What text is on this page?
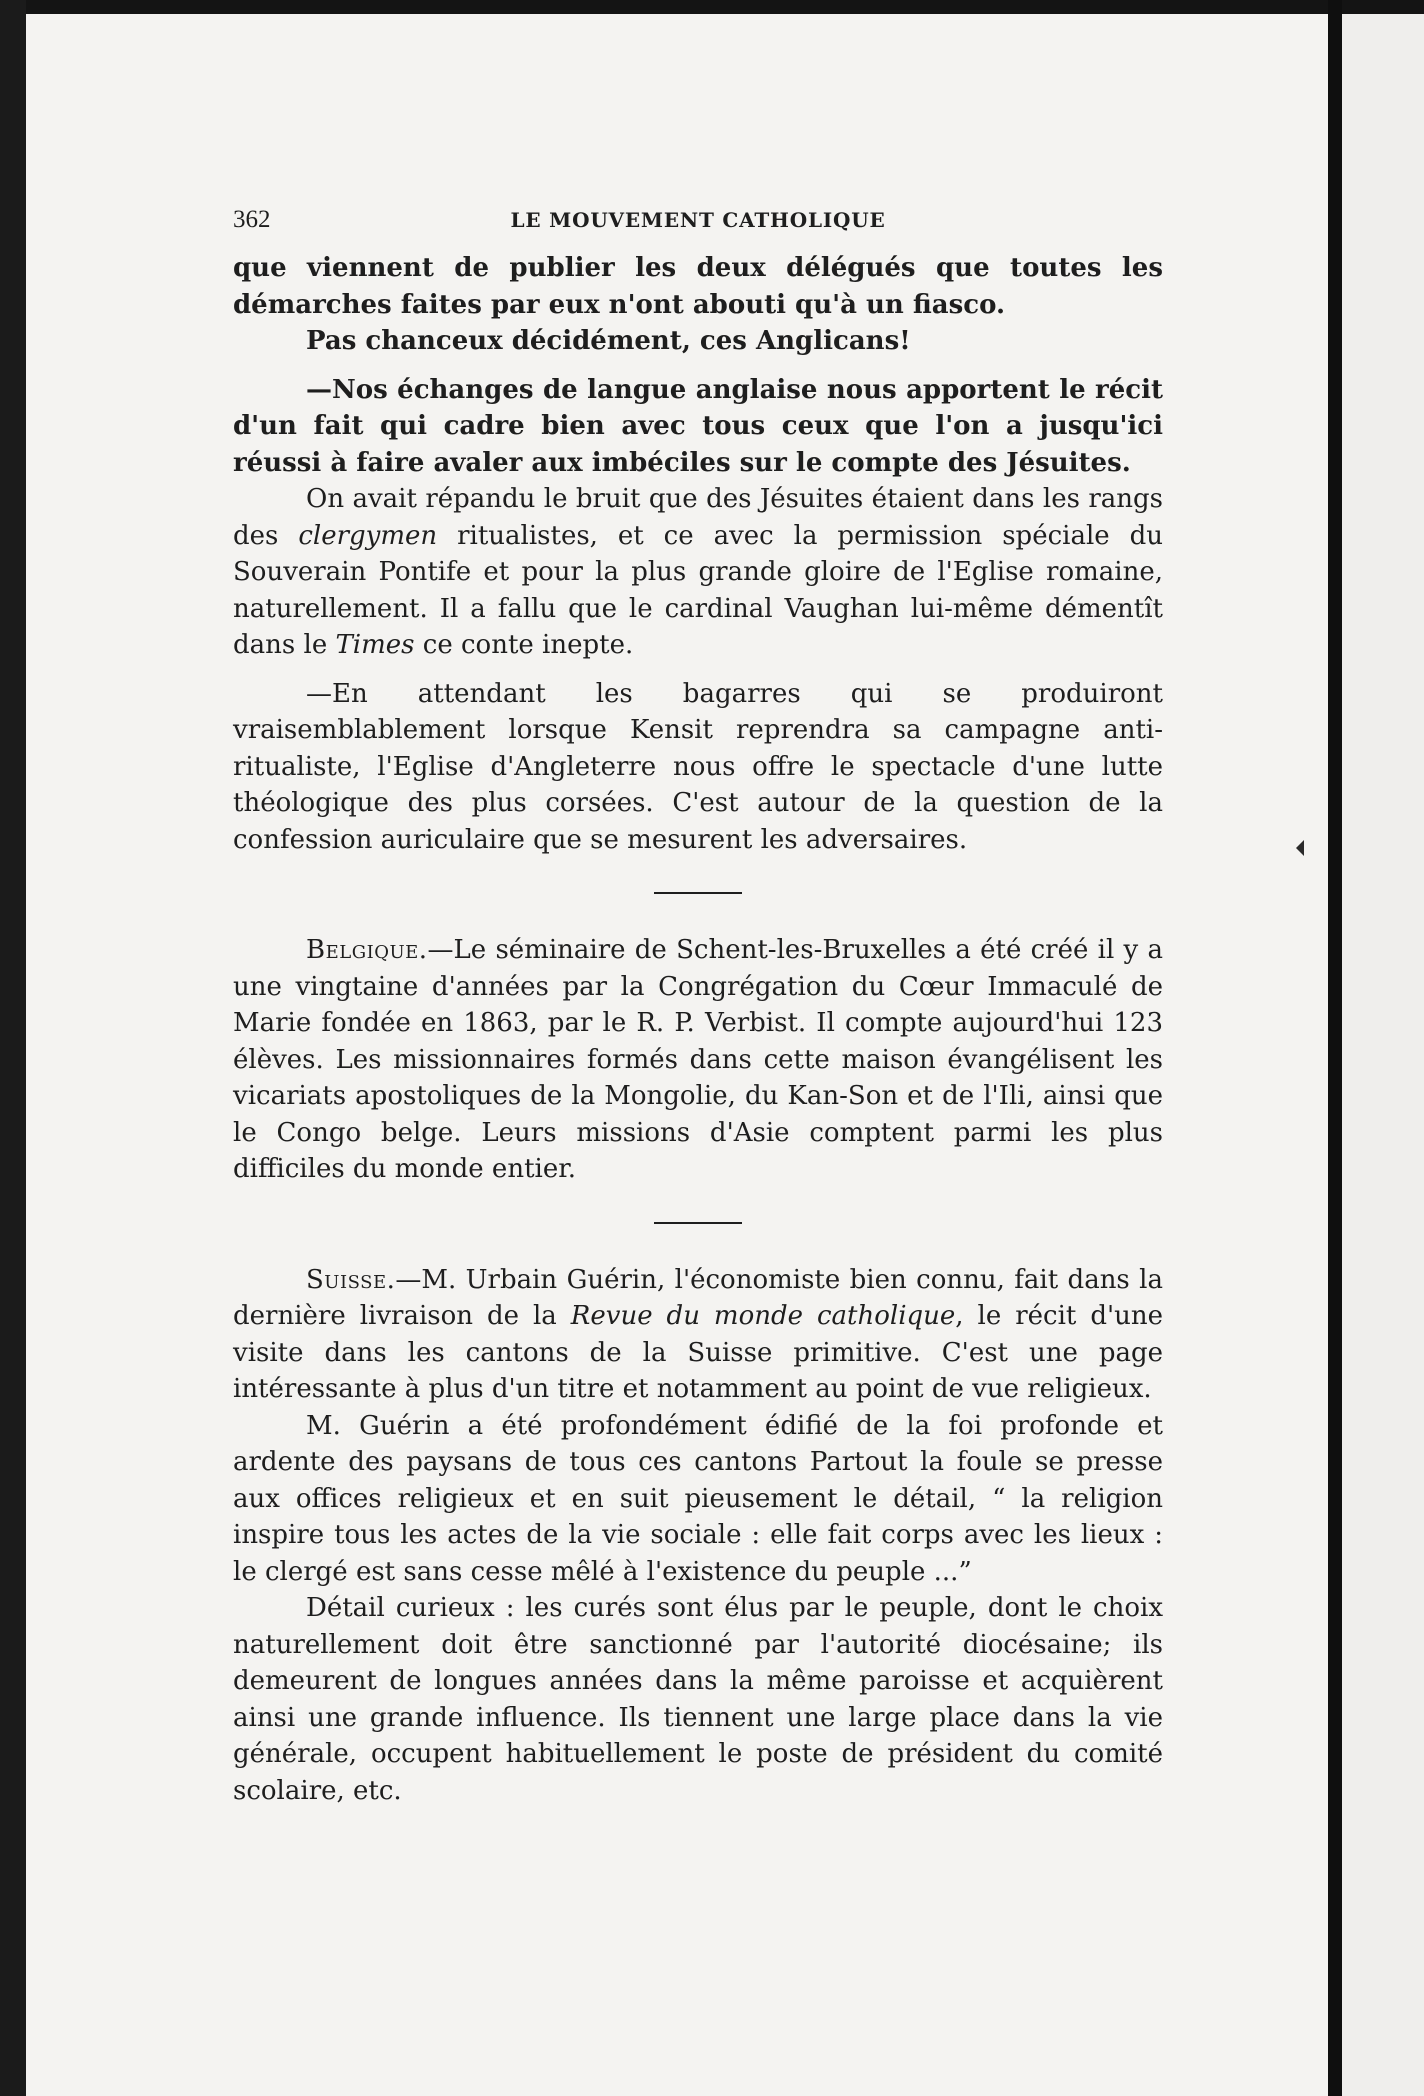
362	LE MOUVEMENT CATHOLIQUE

que viennent de publier les deux délégués que toutes les démarches faites par eux n'ont abouti qu'à un fiasco.

Pas chanceux décidément, ces Anglicans!

—Nos échanges de langue anglaise nous apportent le récit d'un fait qui cadre bien avec tous ceux que l'on a jusqu'ici réussi à faire avaler aux imbéciles sur le compte des Jésuites.

On avait répandu le bruit que des Jésuites étaient dans les rangs des clergymen ritualistes, et ce avec la permission spéciale du Souverain Pontife et pour la plus grande gloire de l'Eglise romaine, naturellement. Il a fallu que le cardinal Vaughan lui-même démentît dans le Times ce conte inepte.

—En attendant les bagarres qui se produiront vraisemblablement lorsque Kensit reprendra sa campagne anti-ritualiste, l'Eglise d'Angleterre nous offre le spectacle d'une lutte théologique des plus corsées. C'est autour de la question de la confession auriculaire que se mesurent les adversaires.

Belgique.—Le séminaire de Schent-les-Bruxelles a été créé il y a une vingtaine d'années par la Congrégation du Cœur Immaculé de Marie fondée en 1863, par le R. P. Verbist. Il compte aujourd'hui 123 élèves. Les missionnaires formés dans cette maison évangélisent les vicariats apostoliques de la Mongolie, du Kan-Son et de l'Ili, ainsi que le Congo belge. Leurs missions d'Asie comptent parmi les plus difficiles du monde entier.

Suisse.—M. Urbain Guérin, l'économiste bien connu, fait dans la dernière livraison de la Revue du monde catholique, le récit d'une visite dans les cantons de la Suisse primitive. C'est une page intéressante à plus d'un titre et notamment au point de vue religieux.

M. Guérin a été profondément édifié de la foi profonde et ardente des paysans de tous ces cantons Partout la foule se presse aux offices religieux et en suit pieusement le détail, “ la religion inspire tous les actes de la vie sociale : elle fait corps avec les lieux : le clergé est sans cesse mêlé à l'existence du peuple ...”

Détail curieux : les curés sont élus par le peuple, dont le choix naturellement doit être sanctionné par l'autorité diocésaine; ils demeurent de longues années dans la même paroisse et acquièrent ainsi une grande influence. Ils tiennent une large place dans la vie générale, occupent habituellement le poste de président du comité scolaire, etc.
